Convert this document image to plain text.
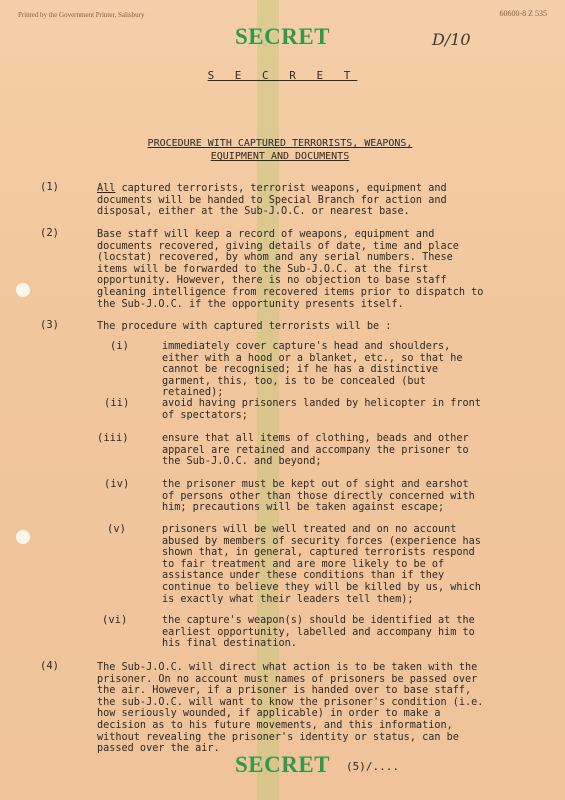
Printed by the Government Printer, Salisbury	60600-8 Z 535
SECRET	D/10
S E C R E T
PROCEDURE WITH CAPTURED TERRORISTS, WEAPONS,
EQUIPMENT AND DOCUMENTS
(1)	All captured terrorists, terrorist weapons, equipment and documents will be handed to Special Branch for action and disposal, either at the Sub-J.O.C. or nearest base.
(2)	Base staff will keep a record of weapons, equipment and documents recovered, giving details of date, time and place (locstat) recovered, by whom and any serial numbers. These items will be forwarded to the Sub-J.O.C. at the first opportunity. However, there is no objection to base staff gleaning intelligence from recovered items prior to dispatch to the Sub-J.O.C. if the opportunity presents itself.
(3)	The procedure with captured terrorists will be :
(i)	immediately cover capture's head and shoulders, either with a hood or a blanket, etc., so that he cannot be recognised; if he has a distinctive garment, this, too, is to be concealed (but retained);
(ii)	avoid having prisoners landed by helicopter in front of spectators;
(iii)	ensure that all items of clothing, beads and other apparel are retained and accompany the prisoner to the Sub-J.O.C. and beyond;
(iv)	the prisoner must be kept out of sight and earshot of persons other than those directly concerned with him; precautions will be taken against escape;
(v)	prisoners will be well treated and on no account abused by members of security forces (experience has shown that, in general, captured terrorists respond to fair treatment and are more likely to be of assistance under these conditions than if they continue to believe they will be killed by us, which is exactly what their leaders tell them);
(vi)	the capture's weapon(s) should be identified at the earliest opportunity, labelled and accompany him to his final destination.
(4)	The Sub-J.O.C. will direct what action is to be taken with the prisoner. On no account must names of prisoners be passed over the air. However, if a prisoner is handed over to base staff, the sub-J.O.C. will want to know the prisoner's condition (i.e. how seriously wounded, if applicable) in order to make a decision as to his future movements, and this information, without revealing the prisoner's identity or status, can be passed over the air.
SECRET	(5)/....
